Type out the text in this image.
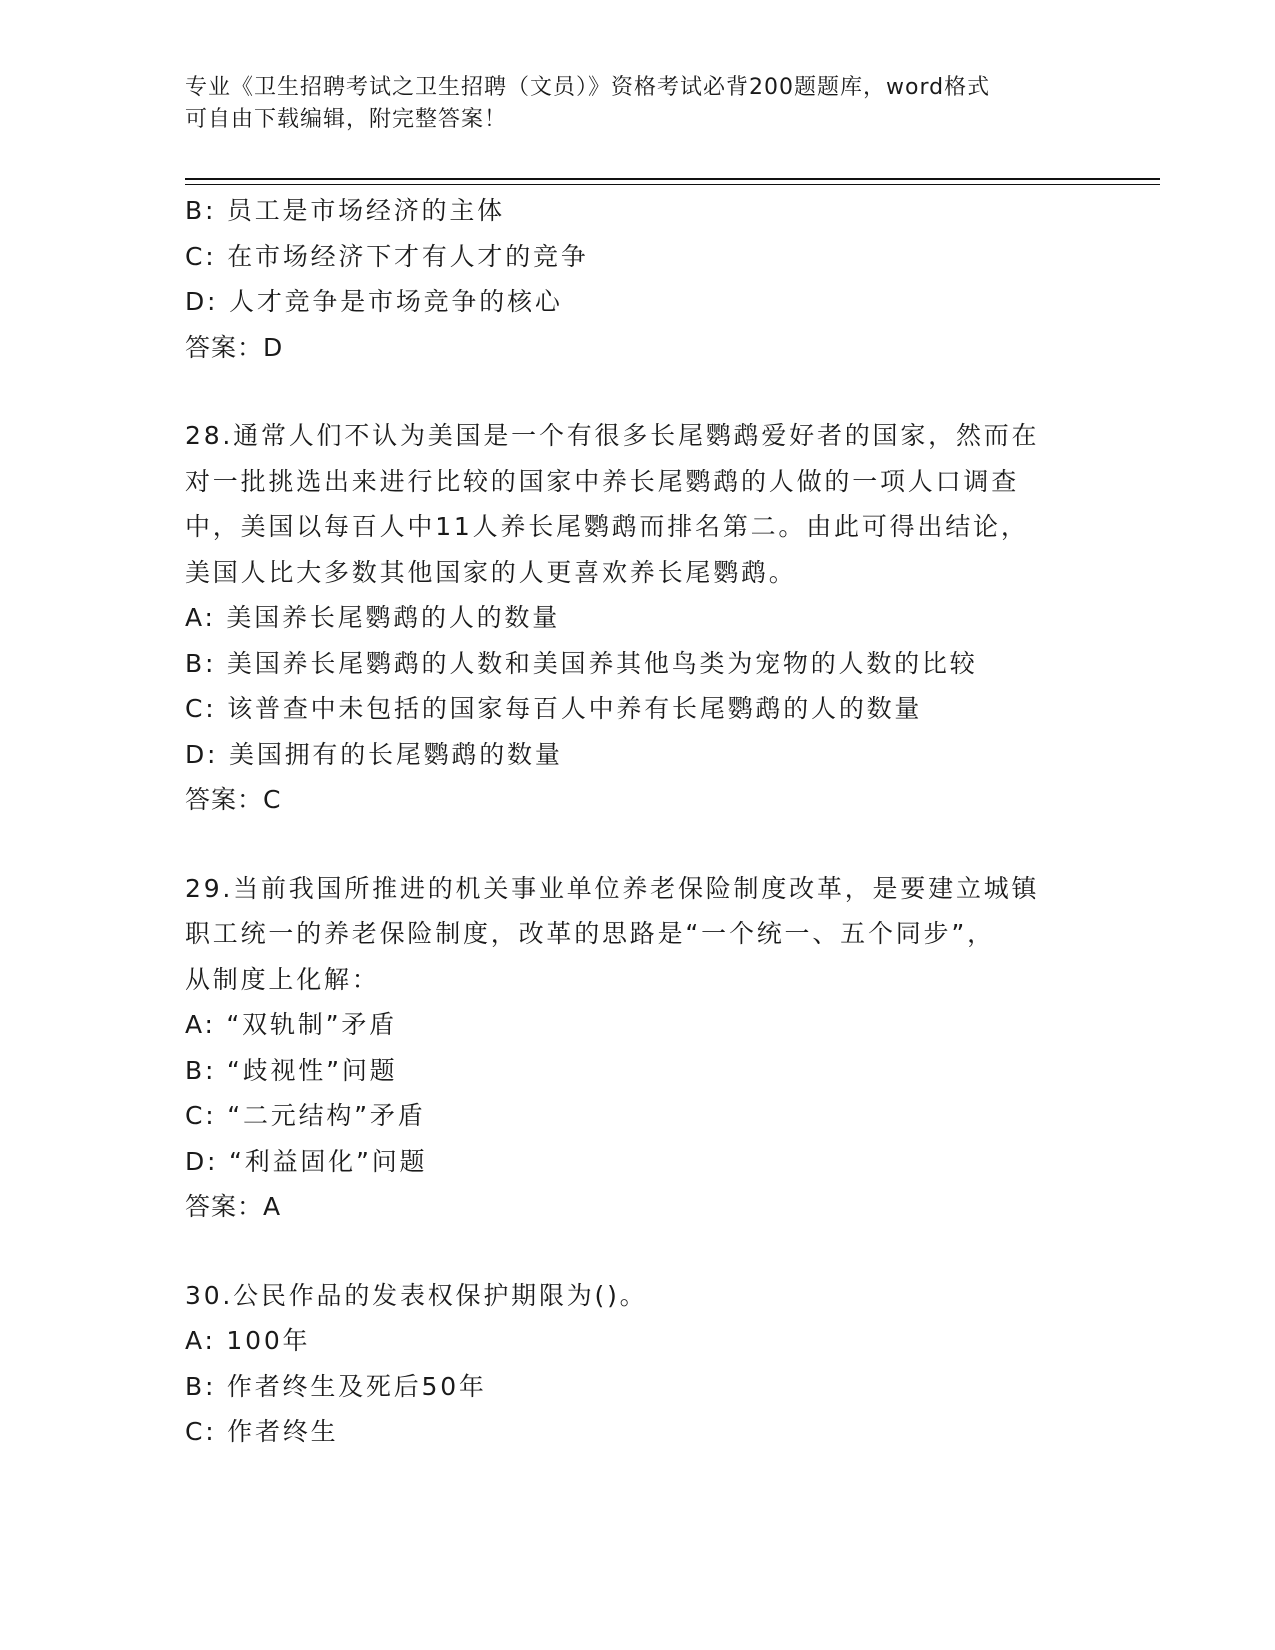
专业《卫生招聘考试之卫生招聘（文员）》资格考试必背200题题库，word格式
可自由下载编辑，附完整答案！
B: 员工是市场经济的主体
C: 在市场经济下才有人才的竞争
D: 人才竞争是市场竞争的核心
答案：D
28.通常人们不认为美国是一个有很多长尾鹦鹉爱好者的国家，然而在
对一批挑选出来进行比较的国家中养长尾鹦鹉的人做的一项人口调查
中，美国以每百人中11人养长尾鹦鹉而排名第二。由此可得出结论，
美国人比大多数其他国家的人更喜欢养长尾鹦鹉。
A: 美国养长尾鹦鹉的人的数量
B: 美国养长尾鹦鹉的人数和美国养其他鸟类为宠物的人数的比较
C: 该普查中未包括的国家每百人中养有长尾鹦鹉的人的数量
D: 美国拥有的长尾鹦鹉的数量
答案：C
29.当前我国所推进的机关事业单位养老保险制度改革，是要建立城镇
职工统一的养老保险制度，改革的思路是“一个统一、五个同步”，
从制度上化解：
A: “双轨制”矛盾
B: “歧视性”问题
C: “二元结构”矛盾
D: “利益固化”问题
答案：A
30.公民作品的发表权保护期限为()。
A: 100年
B: 作者终生及死后50年
C: 作者终生
